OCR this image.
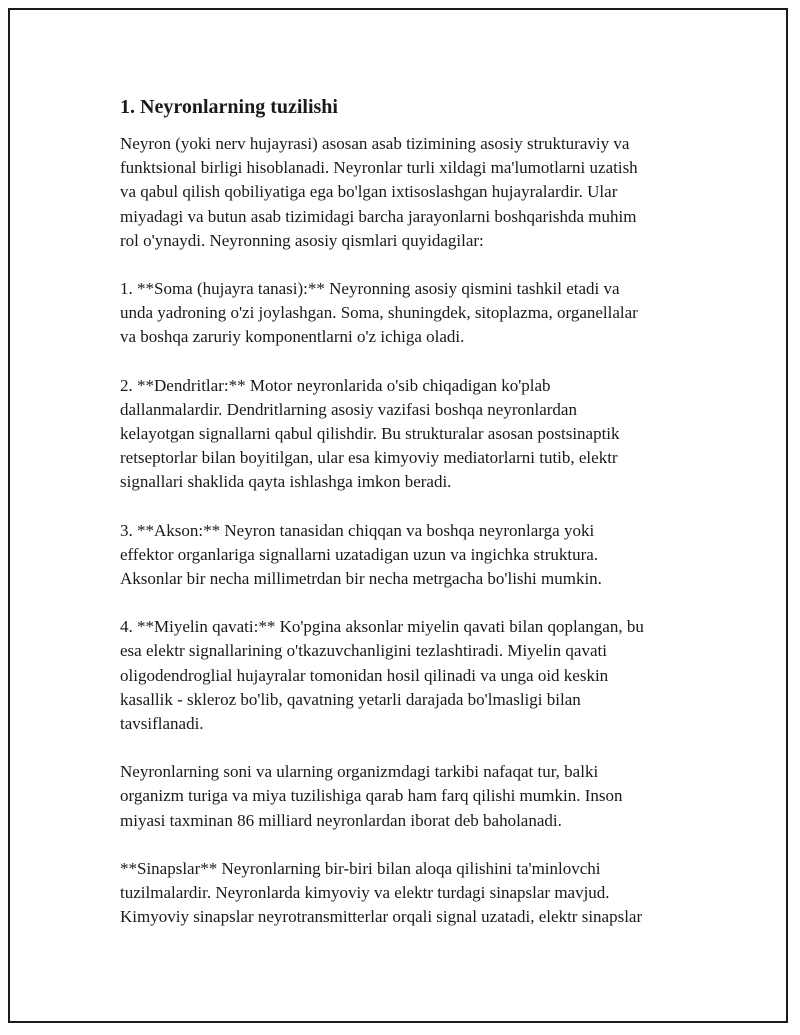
1. Neyronlarning tuzilishi
Neyron (yoki nerv hujayrasi) asosan asab tizimining asosiy strukturaviy va
funktsional birligi hisoblanadi. Neyronlar turli xildagi ma'lumotlarni uzatish
va qabul qilish qobiliyatiga ega bo'lgan ixtisoslashgan hujayralardir. Ular
miyadagi va butun asab tizimidagi barcha jarayonlarni boshqarishda muhim
rol o'ynaydi. Neyronning asosiy qismlari quyidagilar:
1. **Soma (hujayra tanasi):** Neyronning asosiy qismini tashkil etadi va
unda yadroning o'zi joylashgan. Soma, shuningdek, sitoplazma, organellalar
va boshqa zaruriy komponentlarni o'z ichiga oladi.
2. **Dendritlar:** Motor neyronlarida o'sib chiqadigan ko'plab
dallanmalardir. Dendritlarning asosiy vazifasi boshqa neyronlardan
kelayotgan signallarni qabul qilishdir. Bu strukturalar asosan postsinaptik
retseptorlar bilan boyitilgan, ular esa kimyoviy mediatorlarni tutib, elektr
signallari shaklida qayta ishlashga imkon beradi.
3. **Akson:** Neyron tanasidan chiqqan va boshqa neyronlarga yoki
effektor organlariga signallarni uzatadigan uzun va ingichka struktura.
Aksonlar bir necha millimetrdan bir necha metrgacha bo'lishi mumkin.
4. **Miyelin qavati:** Ko'pgina aksonlar miyelin qavati bilan qoplangan, bu
esa elektr signallarining o'tkazuvchanligini tezlashtiradi. Miyelin qavati
oligodendroglial hujayralar tomonidan hosil qilinadi va unga oid keskin
kasallik - skleroz bo'lib, qavatning yetarli darajada bo'lmasligi bilan
tavsiflanadi.
Neyronlarning soni va ularning organizmdagi tarkibi nafaqat tur, balki
organizm turiga va miya tuzilishiga qarab ham farq qilishi mumkin. Inson
miyasi taxminan 86 milliard neyronlardan iborat deb baholanadi.
**Sinapslar** Neyronlarning bir-biri bilan aloqa qilishini ta'minlovchi
tuzilmalardir. Neyronlarda kimyoviy va elektr turdagi sinapslar mavjud.
Kimyoviy sinapslar neyrotransmitterlar orqali signal uzatadi, elektr sinapslar
